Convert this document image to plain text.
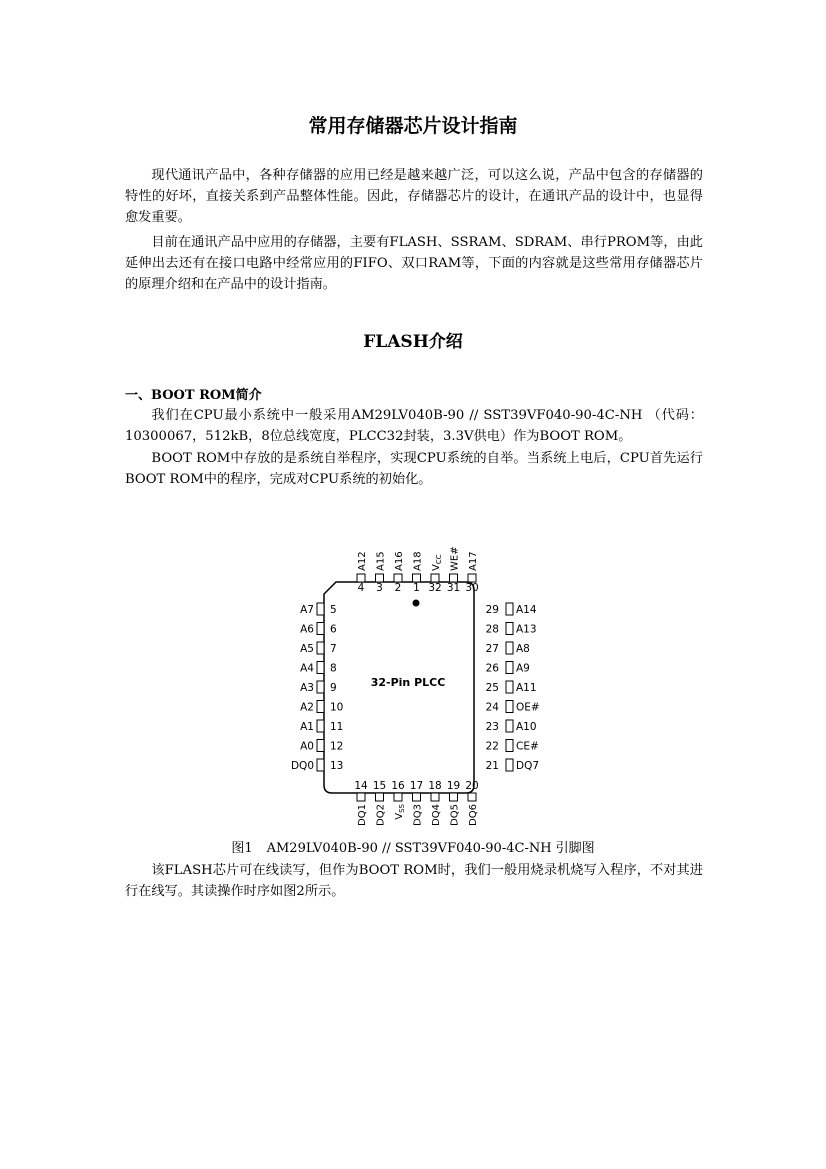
常用存储器芯片设计指南

现代通讯产品中，各种存储器的应用已经是越来越广泛，可以这么说，产品中包含的存储器的特性的好坏，直接关系到产品整体性能。因此，存储器芯片的设计，在通讯产品的设计中，也显得愈发重要。

目前在通讯产品中应用的存储器，主要有FLASH、SSRAM、SDRAM、串行PROM等，由此延伸出去还有在接口电路中经常应用的FIFO、双口RAM等，下面的内容就是这些常用存储器芯片的原理介绍和在产品中的设计指南。

FLASH介绍
一、BOOT ROM简介

我们在CPU最小系统中一般采用AM29LV040B-90 // SST39VF040-90-4C-NH （代码：10300067，512kB，8位总线宽度，PLCC32封装，3.3V供电）作为BOOT ROM。

BOOT ROM中存放的是系统自举程序，实现CPU系统的自举。当系统上电后，CPU首先运行BOOT ROM中的程序，完成对CPU系统的初始化。

32-Pin PLCC
4
A12
3
A15
2
A16
1
A18
32
$V_{CC}$
31
WE#
30
A17
14
DQ1
15
DQ2
16
$V_{SS}$
17
DQ3
18
DQ4
19
DQ5
20
DQ6
5
A7
6
A6
7
A5
8
A4
9
A3
10
A2
11
A1
12
A0
13
DQ0
29 A14
28 A13
27 A8
26 A9
25 A11
24 OE#
23 A10
22 CE#
21 DQ7

图1 AM29LV040B-90 // SST39VF040-90-4C-NH 引脚图

该FLASH芯片可在线读写，但作为BOOT ROM时，我们一般用烧录机烧写入程序，不对其进行在线写。其读操作时序如图2所示。
